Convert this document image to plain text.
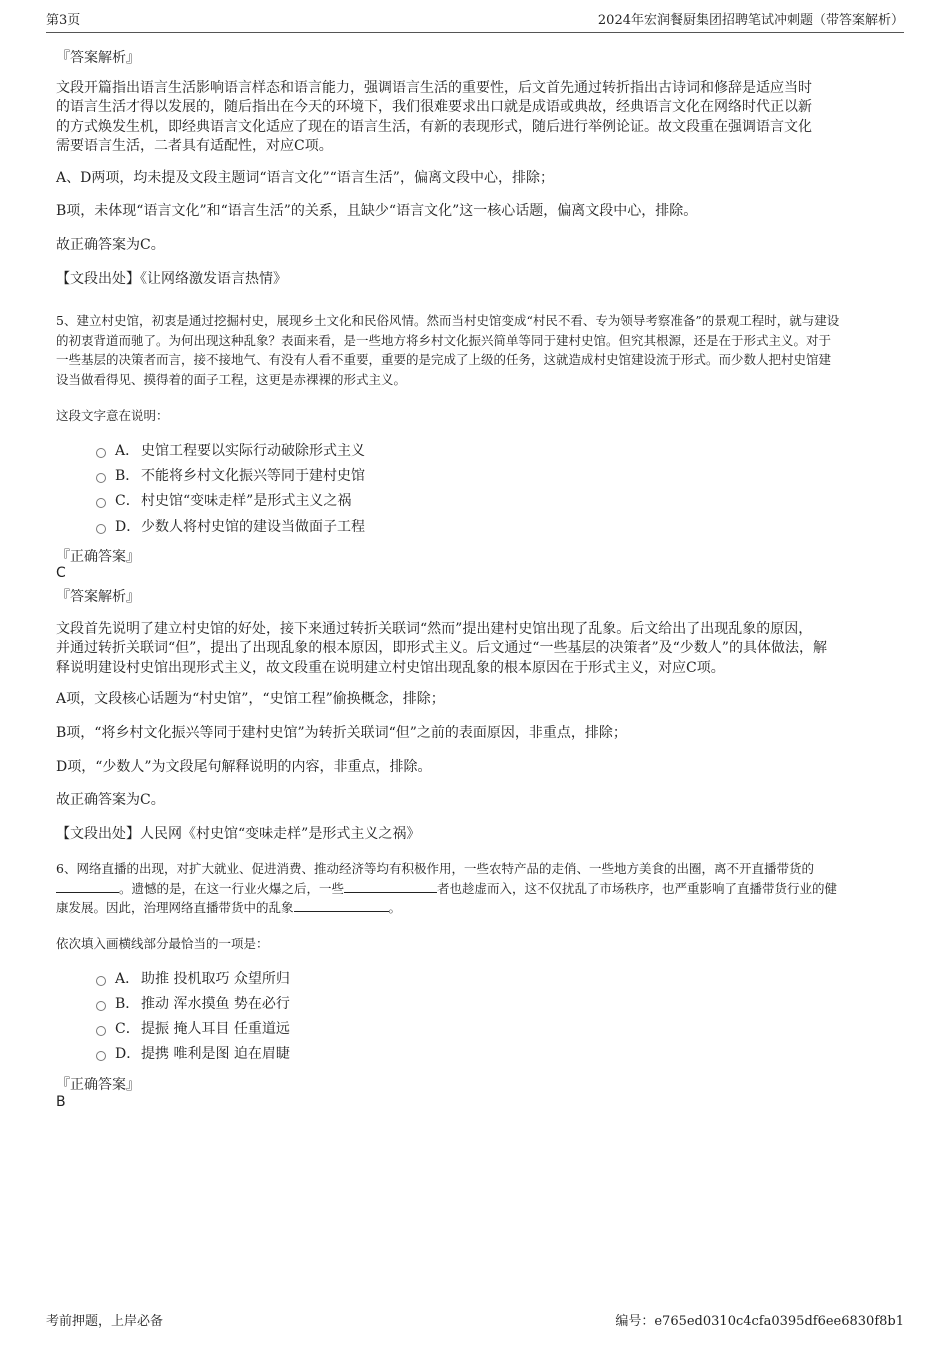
第3页	2024年宏润餐厨集团招聘笔试冲刺题（带答案解析）
『答案解析』
文段开篇指出语言生活影响语言样态和语言能力，强调语言生活的重要性，后文首先通过转折指出古诗词和修辞是适应当时
的语言生活才得以发展的，随后指出在今天的环境下，我们很难要求出口就是成语或典故，经典语言文化在网络时代正以新
的方式焕发生机，即经典语言文化适应了现在的语言生活，有新的表现形式，随后进行举例论证。故文段重在强调语言文化
需要语言生活，二者具有适配性，对应C项。
A、D两项，均未提及文段主题词“语言文化”“语言生活”，偏离文段中心，排除；
B项，未体现“语言文化”和“语言生活”的关系，且缺少“语言文化”这一核心话题，偏离文段中心，排除。
故正确答案为C。
【文段出处】《让网络激发语言热情》
5、建立村史馆，初衷是通过挖掘村史，展现乡土文化和民俗风情。然而当村史馆变成“村民不看、专为领导考察准备”的景观工程时，就与建设
的初衷背道而驰了。为何出现这种乱象？表面来看，是一些地方将乡村文化振兴简单等同于建村史馆。但究其根源，还是在于形式主义。对于
一些基层的决策者而言，接不接地气、有没有人看不重要，重要的是完成了上级的任务，这就造成村史馆建设流于形式。而少数人把村史馆建
设当做看得见、摸得着的面子工程，这更是赤裸裸的形式主义。
这段文字意在说明：
A． 史馆工程要以实际行动破除形式主义
B． 不能将乡村文化振兴等同于建村史馆
C．村史馆“变味走样”是形式主义之祸
D．少数人将村史馆的建设当做面子工程
『正确答案』
C
『答案解析』
文段首先说明了建立村史馆的好处，接下来通过转折关联词“然而”提出建村史馆出现了乱象。后文给出了出现乱象的原因，
并通过转折关联词“但”，提出了出现乱象的根本原因，即形式主义。后文通过“一些基层的决策者”及“少数人”的具体做法，解
释说明建设村史馆出现形式主义，故文段重在说明建立村史馆出现乱象的根本原因在于形式主义，对应C项。
A项，文段核心话题为“村史馆”，“史馆工程”偷换概念，排除；
B项，“将乡村文化振兴等同于建村史馆”为转折关联词“但”之前的表面原因，非重点，排除；
D项，“少数人”为文段尾句解释说明的内容，非重点，排除。
故正确答案为C。
【文段出处】人民网《村史馆“变味走样”是形式主义之祸》
6、网络直播的出现，对扩大就业、促进消费、推动经济等均有积极作用，一些农特产品的走俏、一些地方美食的出圈，离不开直播带货的
。遗憾的是，在这一行业火爆之后，一些	者也趁虚而入，这不仅扰乱了市场秩序，也严重影响了直播带货行业的健
康发展。因此，治理网络直播带货中的乱象	。
依次填入画横线部分最恰当的一项是：
A． 助推 投机取巧 众望所归
B． 推动 浑水摸鱼 势在必行
C．提振 掩人耳目 任重道远
D．提携 唯利是图 迫在眉睫
『正确答案』
B
考前押题，上岸必备	编号：e765ed0310c4cfa0395df6ee6830f8b1
